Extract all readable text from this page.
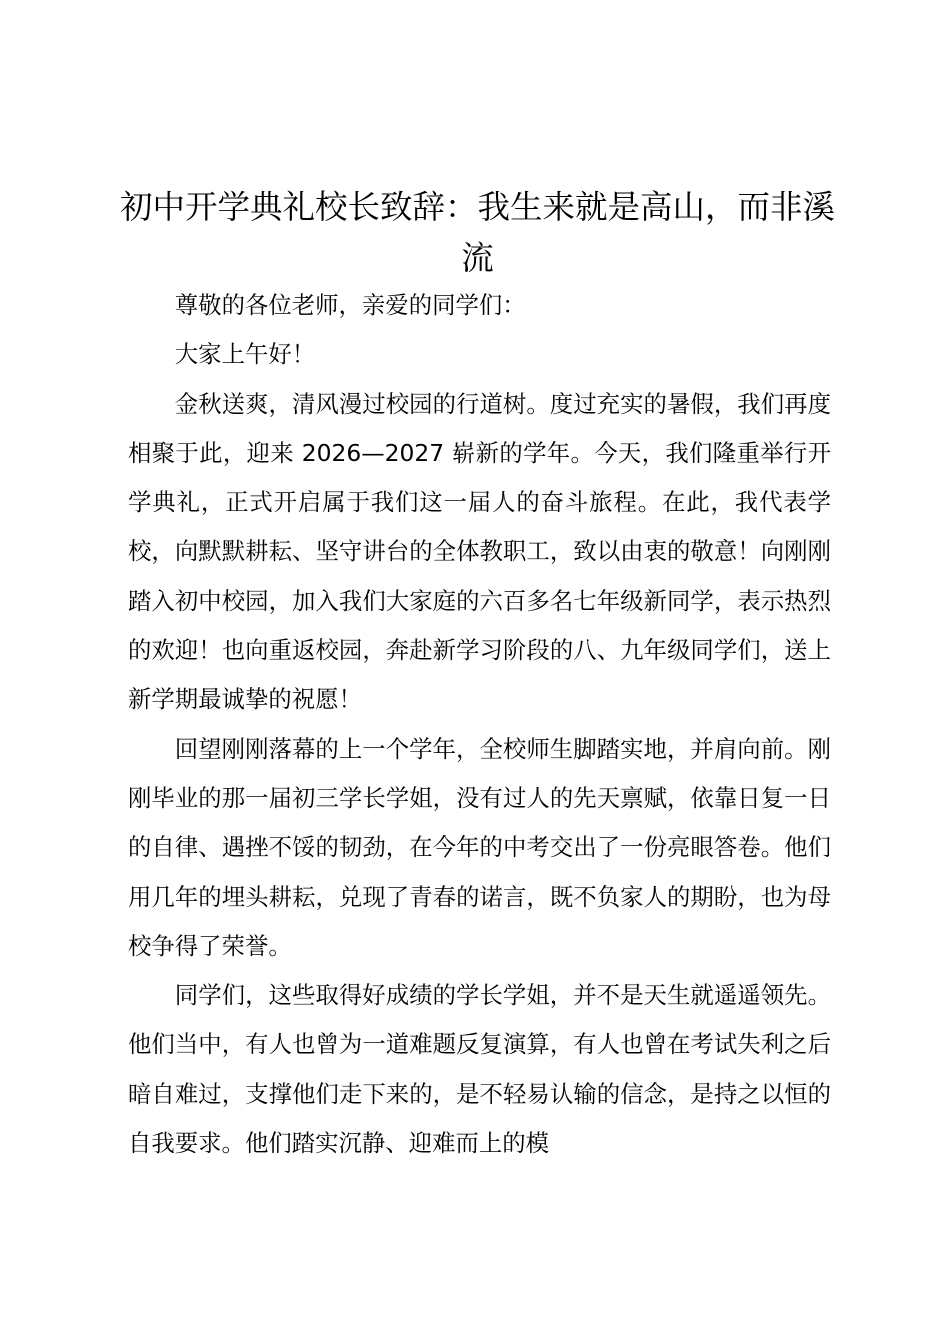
初中开学典礼校长致辞：我生来就是高山，而非溪流

尊敬的各位老师，亲爱的同学们：

大家上午好！

金秋送爽，清风漫过校园的行道树。度过充实的暑假，我们再度相聚于此，迎来 2026—2027 崭新的学年。今天，我们隆重举行开学典礼，正式开启属于我们这一届人的奋斗旅程。在此，我代表学校，向默默耕耘、坚守讲台的全体教职工，致以由衷的敬意！向刚刚踏入初中校园，加入我们大家庭的六百多名七年级新同学，表示热烈的欢迎！也向重返校园，奔赴新学习阶段的八、九年级同学们，送上新学期最诚挚的祝愿！

回望刚刚落幕的上一个学年，全校师生脚踏实地，并肩向前。刚刚毕业的那一届初三学长学姐，没有过人的先天禀赋，依靠日复一日的自律、遇挫不馁的韧劲，在今年的中考交出了一份亮眼答卷。他们用几年的埋头耕耘，兑现了青春的诺言，既不负家人的期盼，也为母校争得了荣誉。

同学们，这些取得好成绩的学长学姐，并不是天生就遥遥领先。他们当中，有人也曾为一道难题反复演算，有人也曾在考试失利之后暗自难过，支撑他们走下来的，是不轻易认输的信念，是持之以恒的自我要求。他们踏实沉静、迎难而上的模
